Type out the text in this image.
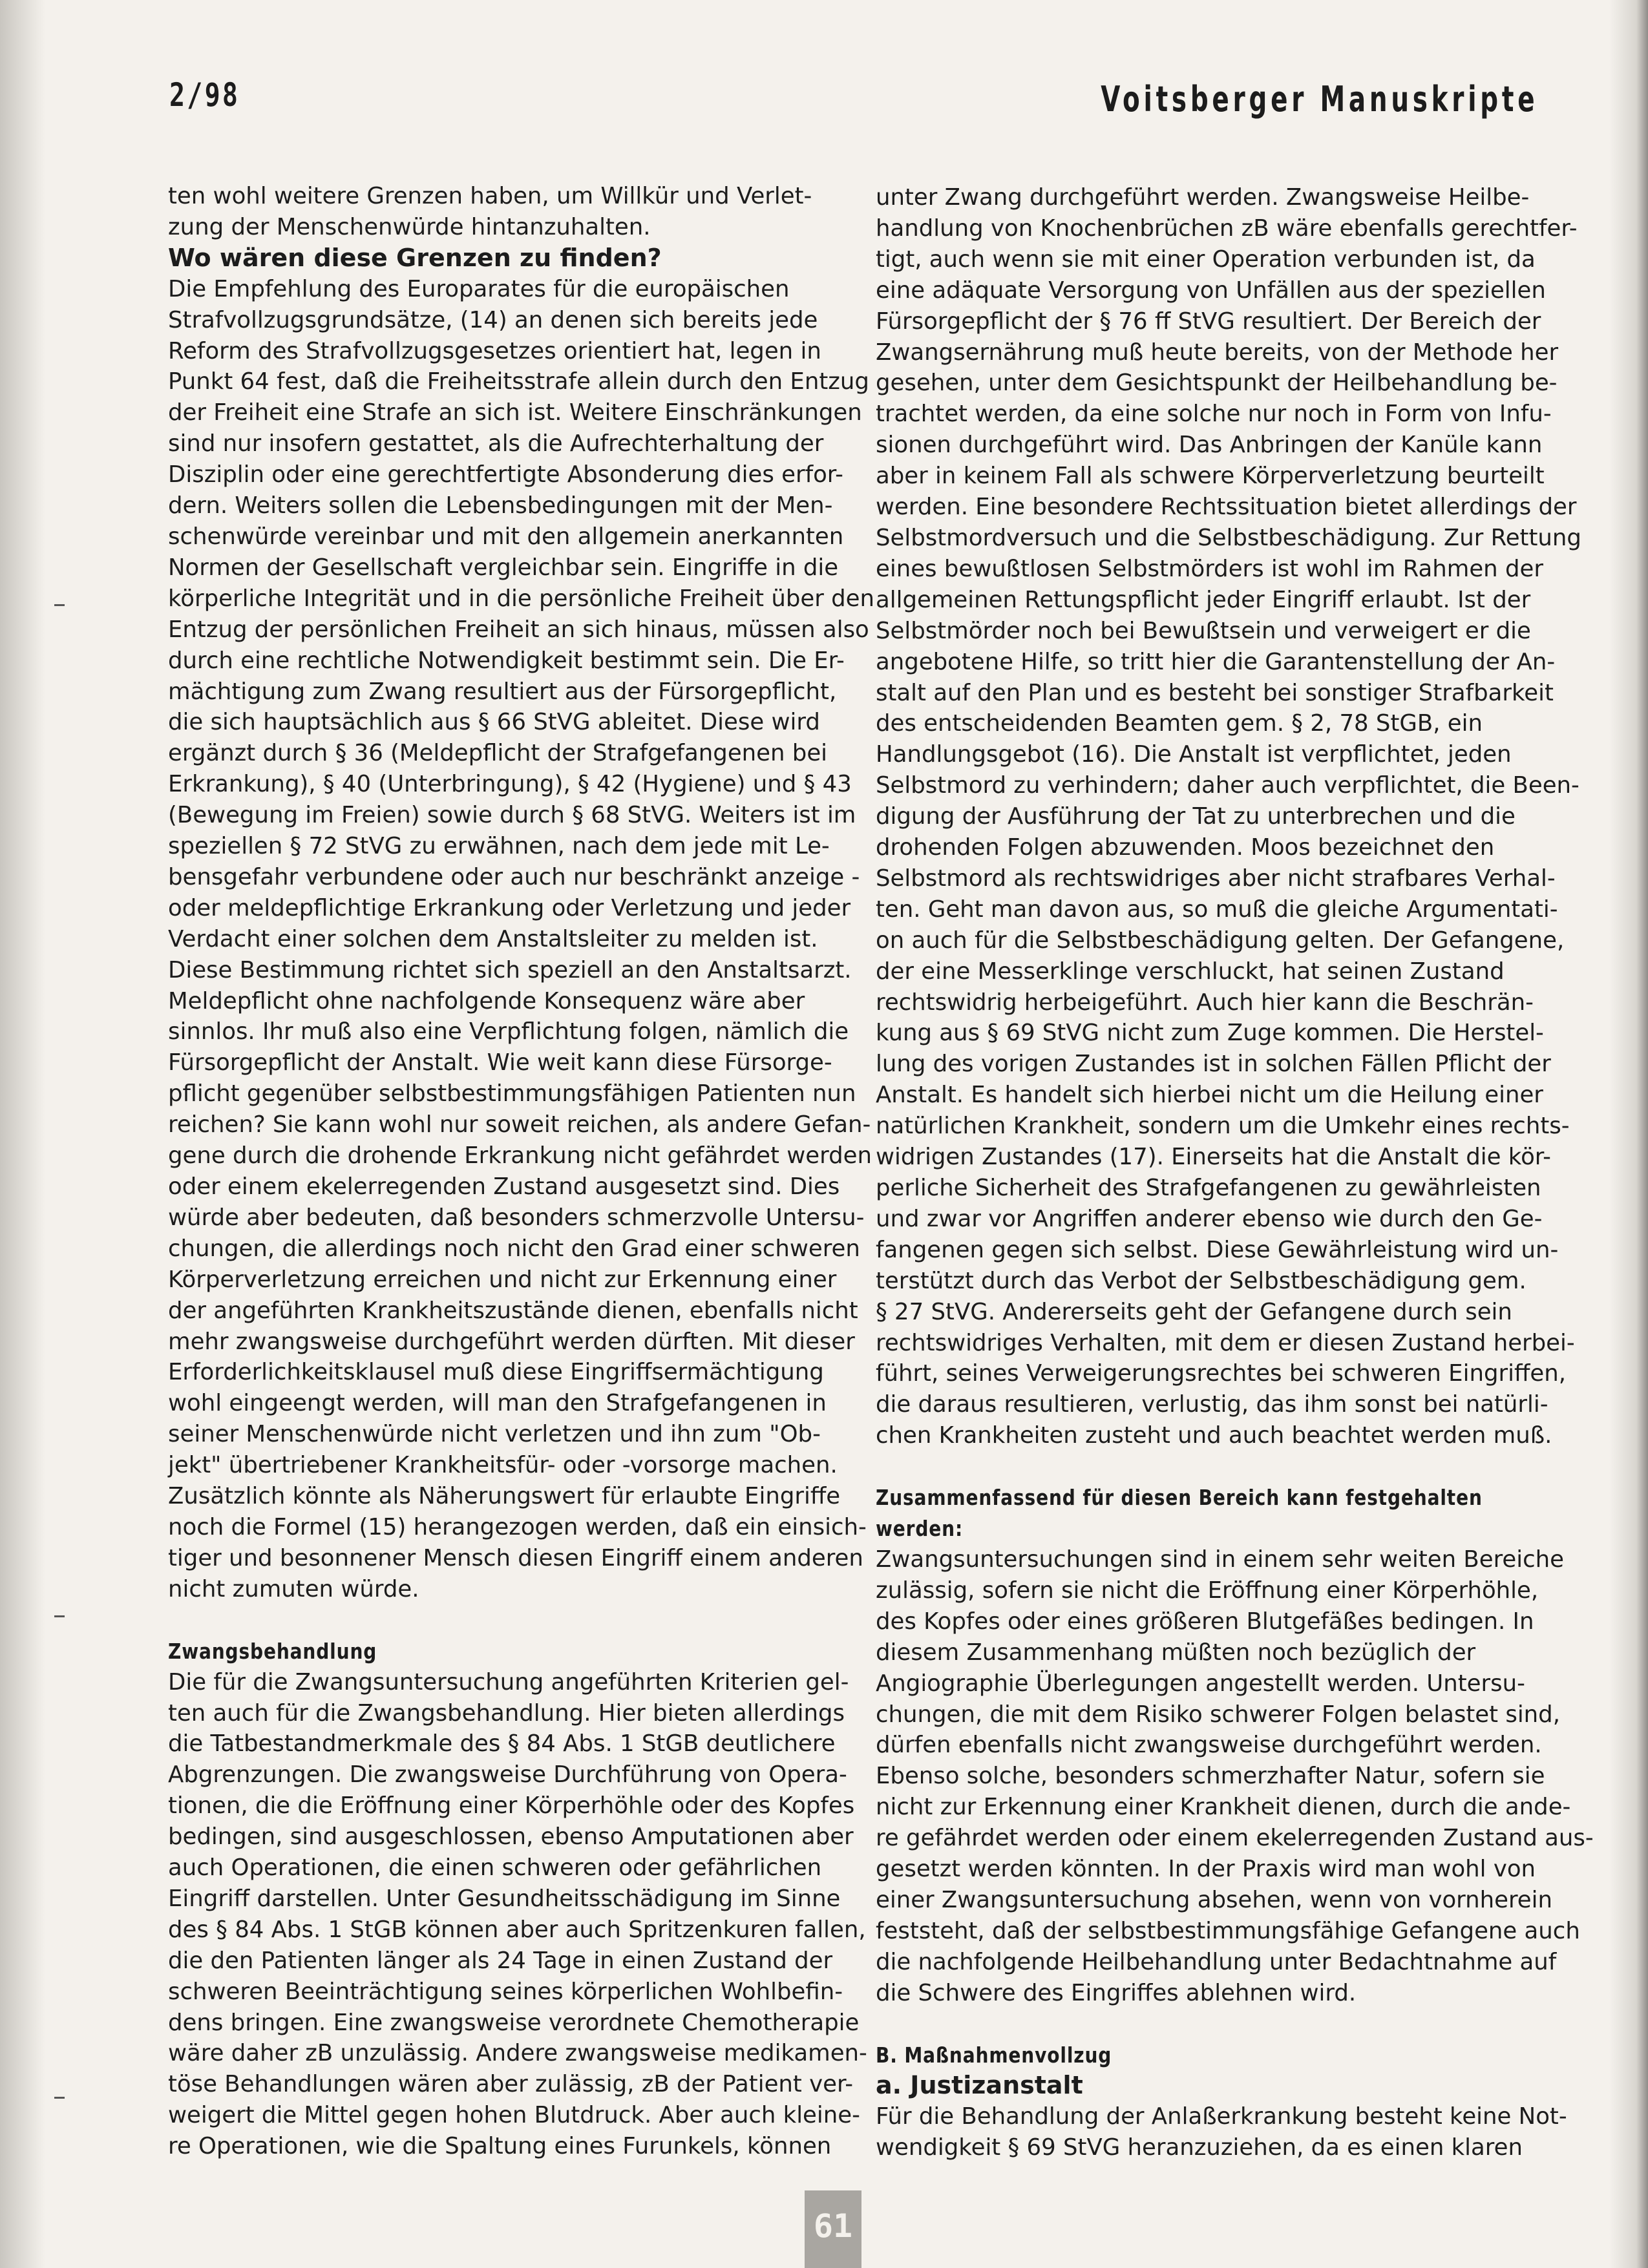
2/98	Voitsberger Manuskripte
ten wohl weitere Grenzen haben, um Willkür und Verlet-
zung der Menschenwürde hintanzuhalten.
Wo wären diese Grenzen zu finden?
Die Empfehlung des Europarates für die europäischen
Strafvollzugsgrundsätze, (14) an denen sich bereits jede
Reform des Strafvollzugsgesetzes orientiert hat, legen in
Punkt 64 fest, daß die Freiheitsstrafe allein durch den Entzug
der Freiheit eine Strafe an sich ist. Weitere Einschränkungen
sind nur insofern gestattet, als die Aufrechterhaltung der
Disziplin oder eine gerechtfertigte Absonderung dies erfor-
dern. Weiters sollen die Lebensbedingungen mit der Men-
schenwürde vereinbar und mit den allgemein anerkannten
Normen der Gesellschaft vergleichbar sein. Eingriffe in die
körperliche Integrität und in die persönliche Freiheit über den
Entzug der persönlichen Freiheit an sich hinaus, müssen also
durch eine rechtliche Notwendigkeit bestimmt sein. Die Er-
mächtigung zum Zwang resultiert aus der Fürsorgepflicht,
die sich hauptsächlich aus § 66 StVG ableitet. Diese wird
ergänzt durch § 36 (Meldepflicht der Strafgefangenen bei
Erkrankung), § 40 (Unterbringung), § 42 (Hygiene) und § 43
(Bewegung im Freien) sowie durch § 68 StVG. Weiters ist im
speziellen § 72 StVG zu erwähnen, nach dem jede mit Le-
bensgefahr verbundene oder auch nur beschränkt anzeige -
oder meldepflichtige Erkrankung oder Verletzung und jeder
Verdacht einer solchen dem Anstaltsleiter zu melden ist.
Diese Bestimmung richtet sich speziell an den Anstaltsarzt.
Meldepflicht ohne nachfolgende Konsequenz wäre aber
sinnlos. Ihr muß also eine Verpflichtung folgen, nämlich die
Fürsorgepflicht der Anstalt. Wie weit kann diese Fürsorge-
pflicht gegenüber selbstbestimmungsfähigen Patienten nun
reichen? Sie kann wohl nur soweit reichen, als andere Gefan-
gene durch die drohende Erkrankung nicht gefährdet werden
oder einem ekelerregenden Zustand ausgesetzt sind. Dies
würde aber bedeuten, daß besonders schmerzvolle Untersu-
chungen, die allerdings noch nicht den Grad einer schweren
Körperverletzung erreichen und nicht zur Erkennung einer
der angeführten Krankheitszustände dienen, ebenfalls nicht
mehr zwangsweise durchgeführt werden dürften. Mit dieser
Erforderlichkeitsklausel muß diese Eingriffsermächtigung
wohl eingeengt werden, will man den Strafgefangenen in
seiner Menschenwürde nicht verletzen und ihn zum "Ob-
jekt" übertriebener Krankheitsfür- oder -vorsorge machen.
Zusätzlich könnte als Näherungswert für erlaubte Eingriffe
noch die Formel (15) herangezogen werden, daß ein einsich-
tiger und besonnener Mensch diesen Eingriff einem anderen
nicht zumuten würde.
Zwangsbehandlung
Die für die Zwangsuntersuchung angeführten Kriterien gel-
ten auch für die Zwangsbehandlung. Hier bieten allerdings
die Tatbestandmerkmale des § 84 Abs. 1 StGB deutlichere
Abgrenzungen. Die zwangsweise Durchführung von Opera-
tionen, die die Eröffnung einer Körperhöhle oder des Kopfes
bedingen, sind ausgeschlossen, ebenso Amputationen aber
auch Operationen, die einen schweren oder gefährlichen
Eingriff darstellen. Unter Gesundheitsschädigung im Sinne
des § 84 Abs. 1 StGB können aber auch Spritzenkuren fallen,
die den Patienten länger als 24 Tage in einen Zustand der
schweren Beeinträchtigung seines körperlichen Wohlbefin-
dens bringen. Eine zwangsweise verordnete Chemotherapie
wäre daher zB unzulässig. Andere zwangsweise medikamen-
töse Behandlungen wären aber zulässig, zB der Patient ver-
weigert die Mittel gegen hohen Blutdruck. Aber auch kleine-
re Operationen, wie die Spaltung eines Furunkels, können
unter Zwang durchgeführt werden. Zwangsweise Heilbe-
handlung von Knochenbrüchen zB wäre ebenfalls gerechtfer-
tigt, auch wenn sie mit einer Operation verbunden ist, da
eine adäquate Versorgung von Unfällen aus der speziellen
Fürsorgepflicht der § 76 ff StVG resultiert. Der Bereich der
Zwangsernährung muß heute bereits, von der Methode her
gesehen, unter dem Gesichtspunkt der Heilbehandlung be-
trachtet werden, da eine solche nur noch in Form von Infu-
sionen durchgeführt wird. Das Anbringen der Kanüle kann
aber in keinem Fall als schwere Körperverletzung beurteilt
werden. Eine besondere Rechtssituation bietet allerdings der
Selbstmordversuch und die Selbstbeschädigung. Zur Rettung
eines bewußtlosen Selbstmörders ist wohl im Rahmen der
allgemeinen Rettungspflicht jeder Eingriff erlaubt. Ist der
Selbstmörder noch bei Bewußtsein und verweigert er die
angebotene Hilfe, so tritt hier die Garantenstellung der An-
stalt auf den Plan und es besteht bei sonstiger Strafbarkeit
des entscheidenden Beamten gem. § 2, 78 StGB, ein
Handlungsgebot (16). Die Anstalt ist verpflichtet, jeden
Selbstmord zu verhindern; daher auch verpflichtet, die Been-
digung der Ausführung der Tat zu unterbrechen und die
drohenden Folgen abzuwenden. Moos bezeichnet den
Selbstmord als rechtswidriges aber nicht strafbares Verhal-
ten. Geht man davon aus, so muß die gleiche Argumentati-
on auch für die Selbstbeschädigung gelten. Der Gefangene,
der eine Messerklinge verschluckt, hat seinen Zustand
rechtswidrig herbeigeführt. Auch hier kann die Beschrän-
kung aus § 69 StVG nicht zum Zuge kommen. Die Herstel-
lung des vorigen Zustandes ist in solchen Fällen Pflicht der
Anstalt. Es handelt sich hierbei nicht um die Heilung einer
natürlichen Krankheit, sondern um die Umkehr eines rechts-
widrigen Zustandes (17). Einerseits hat die Anstalt die kör-
perliche Sicherheit des Strafgefangenen zu gewährleisten
und zwar vor Angriffen anderer ebenso wie durch den Ge-
fangenen gegen sich selbst. Diese Gewährleistung wird un-
terstützt durch das Verbot der Selbstbeschädigung gem.
§ 27 StVG. Andererseits geht der Gefangene durch sein
rechtswidriges Verhalten, mit dem er diesen Zustand herbei-
führt, seines Verweigerungsrechtes bei schweren Eingriffen,
die daraus resultieren, verlustig, das ihm sonst bei natürli-
chen Krankheiten zusteht und auch beachtet werden muß.
Zusammenfassend für diesen Bereich kann festgehalten
werden:
Zwangsuntersuchungen sind in einem sehr weiten Bereiche
zulässig, sofern sie nicht die Eröffnung einer Körperhöhle,
des Kopfes oder eines größeren Blutgefäßes bedingen. In
diesem Zusammenhang müßten noch bezüglich der
Angiographie Überlegungen angestellt werden. Untersu-
chungen, die mit dem Risiko schwerer Folgen belastet sind,
dürfen ebenfalls nicht zwangsweise durchgeführt werden.
Ebenso solche, besonders schmerzhafter Natur, sofern sie
nicht zur Erkennung einer Krankheit dienen, durch die ande-
re gefährdet werden oder einem ekelerregenden Zustand aus-
gesetzt werden könnten. In der Praxis wird man wohl von
einer Zwangsuntersuchung absehen, wenn von vornherein
feststeht, daß der selbstbestimmungsfähige Gefangene auch
die nachfolgende Heilbehandlung unter Bedachtnahme auf
die Schwere des Eingriffes ablehnen wird.
B. Maßnahmenvollzug
a. Justizanstalt
Für die Behandlung der Anlaßerkrankung besteht keine Not-
wendigkeit § 69 StVG heranzuziehen, da es einen klaren
61
